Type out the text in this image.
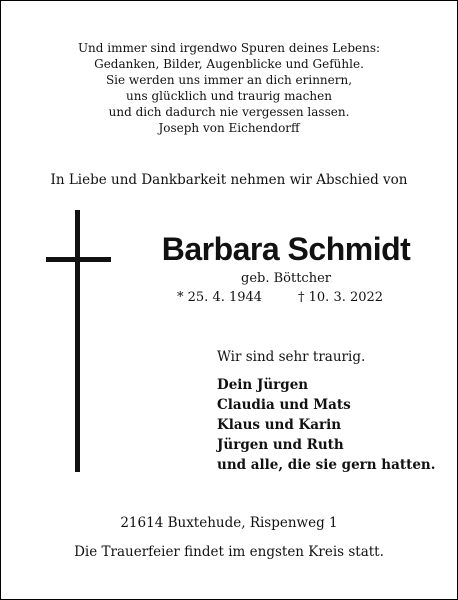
Und immer sind irgendwo Spuren deines Lebens:
Gedanken, Bilder, Augenblicke und Gefühle.
Sie werden uns immer an dich erinnern,
uns glücklich und traurig machen
und dich dadurch nie vergessen lassen.
Joseph von Eichendorff
In Liebe und Dankbarkeit nehmen wir Abschied von
Barbara Schmidt
geb. Böttcher
* 25. 4. 1944	† 10. 3. 2022
Wir sind sehr traurig.
Dein Jürgen
Claudia und Mats
Klaus und Karin
Jürgen und Ruth
und alle, die sie gern hatten.
21614 Buxtehude, Rispenweg 1
Die Trauerfeier findet im engsten Kreis statt.
